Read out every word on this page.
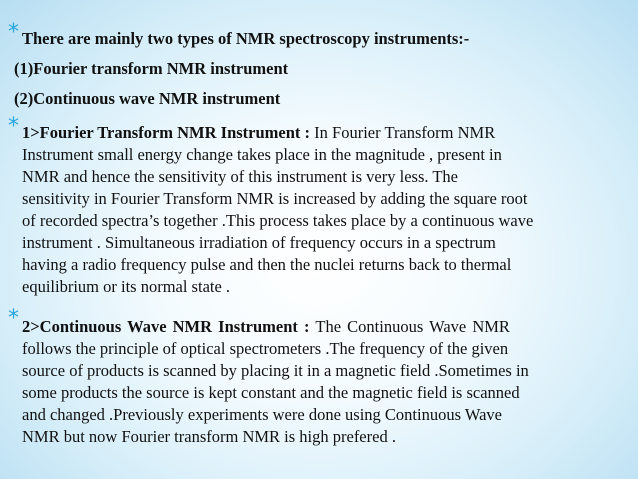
* There are mainly two types of NMR spectroscopy instruments:-
(1)Fourier transform NMR instrument
(2)Continuous wave NMR instrument
* 1>Fourier Transform NMR Instrument : In Fourier Transform NMR
Instrument small energy change takes place in the magnitude , present in
NMR and hence the sensitivity of this instrument is very less. The
sensitivity in Fourier Transform NMR is increased by adding the square root
of recorded spectra’s together .This process takes place by a continuous wave
instrument . Simultaneous irradiation of frequency occurs in a spectrum
having a radio frequency pulse and then the nuclei returns back to thermal
equilibrium or its normal state .
* 2>Continuous Wave NMR Instrument : The Continuous Wave NMR
follows the principle of optical spectrometers .The frequency of the given
source of products is scanned by placing it in a magnetic field .Sometimes in
some products the source is kept constant and the magnetic field is scanned
and changed .Previously experiments were done using Continuous Wave
NMR but now Fourier transform NMR is high prefered .
